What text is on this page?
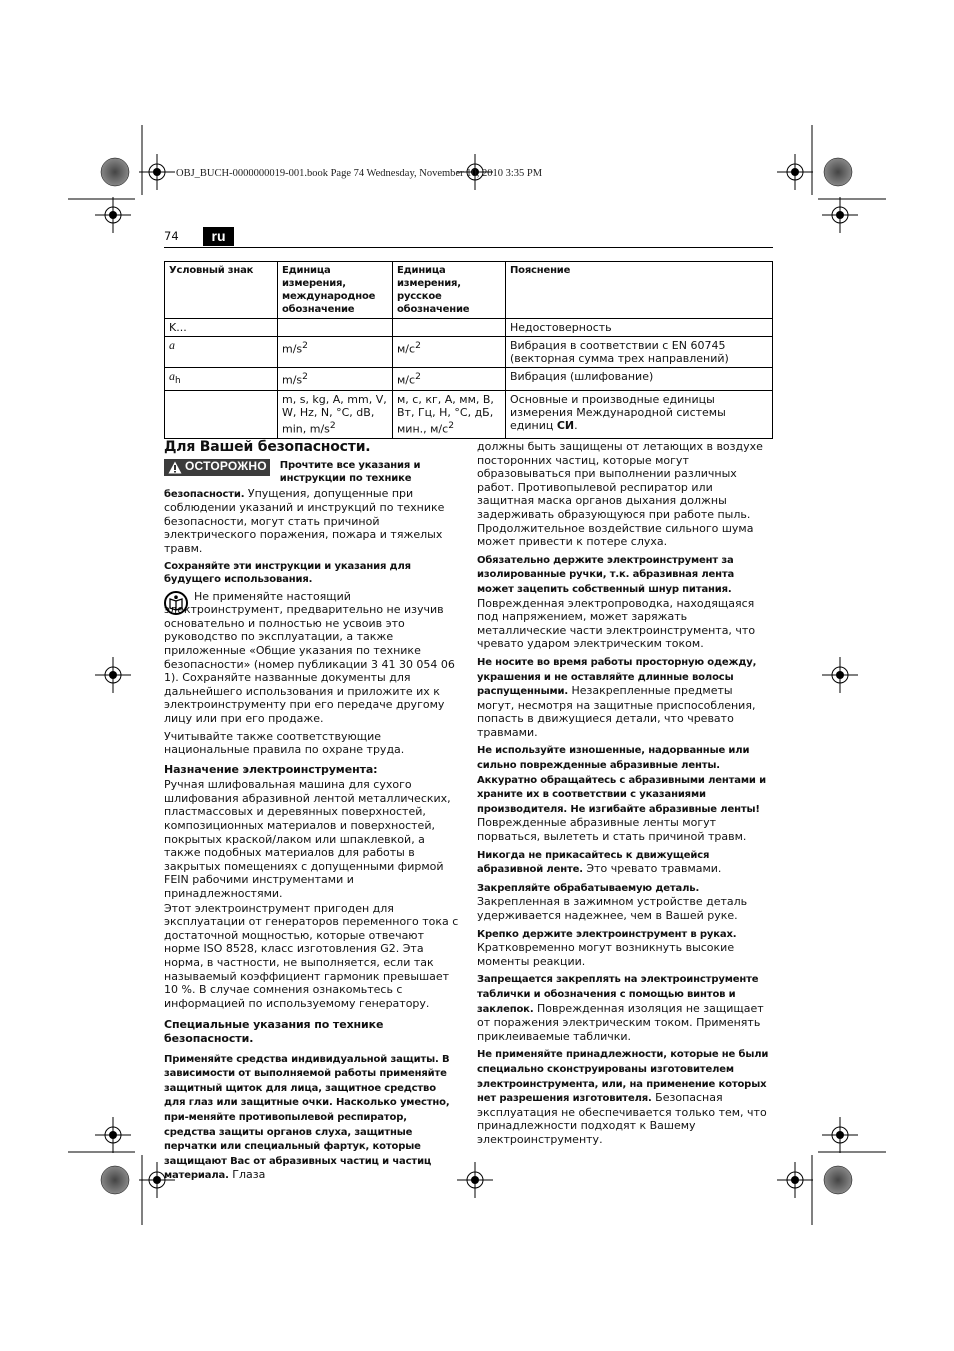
OBJ_BUCH-0000000019-001.book Page 74 Wednesday, November 10, 2010 3:35 PM
74	ru
Условный знак	Единица измерения, международное обозначение	Единица измерения, русское обозначение	Пояснение
K...			Недостоверность
a	$m/s^2$	$м/с^2$	Вибрация в соответствии с EN 60745 (векторная сумма трех направлений)
$a_h$	$m/s^2$	$м/с^2$	Вибрация (шлифование)
	m, s, kg, A, mm, V, W, Hz, N, °C, dB, min, $m/s^2$	м, с, кг, А, мм, В, Вт, Гц, Н, °C, дБ, мин., $м/с^2$	Основные и производные единицы измерения Международной системы единиц СИ.
Для Вашей безопасности.
ОСТОРОЖНО Прочтите все указания и инструкции по технике

безопасности. Упущения, допущенные при соблюдении указаний и инструкций по технике безопасности, могут стать причиной электрического поражения, пожара и тяжелых травм.

Сохраняйте эти инструкции и указания для будущего использования.

Не применяйте настоящий электроинструмент, предварительно не изучив основательно и полностью не усвоив это руководство по эксплуатации, а также приложенные «Общие указания по технике безопасности» (номер публикации 3 41 30 054 06 1). Сохраняйте названные документы для дальнейшего использования и приложите их к электроинструменту при его передаче другому лицу или при его продаже.

Учитывайте также соответствующие национальные правила по охране труда.

Назначение электроинструмента:

Ручная шлифовальная машина для сухого шлифования абразивной лентой металлических, пластмассовых и деревянных поверхностей, композиционных материалов и поверхностей, покрытых краской/лаком или шпаклевкой, а также подобных материалов для работы в закрытых помещениях с допущенными фирмой FEIN рабочими инструментами и принадлежностями.

Этот электроинструмент пригоден для эксплуатации от генераторов переменного тока с достаточной мощностью, которые отвечают норме ISO 8528, класс изготовления G2. Эта норма, в частности, не выполняется, если так называемый коэффициент гармоник превышает 10 %. В случае сомнения ознакомьтесь с информацией по используемому генератору.

Специальные указания по технике безопасности.

Применяйте средства индивидуальной защиты. В зависимости от выполняемой работы применяйте защитный щиток для лица, защитное средство для глаз или защитные очки. Насколько уместно, при-меняйте противопылевой респиратор, средства защиты органов слуха, защитные перчатки или специальный фартук, которые защищают Вас от абразивных частиц и частиц материала. Глаза

должны быть защищены от летающих в воздухе посторонних частиц, которые могут образовываться при выполнении различных работ. Противопылевой респиратор или защитная маска органов дыхания должны задерживать образующуюся при работе пыль. Продолжительное воздействие сильного шума может привести к потере слуха.

Обязательно держите электроинструмент за изолированные ручки, т.к. абразивная лента может зацепить собственный шнур питания. Поврежденная электропроводка, находящаяся под напряжением, может заряжать металлические части электроинструмента, что чревато ударом электрическим током.

Не носите во время работы просторную одежду, украшения и не оставляйте длинные волосы распущенными. Незакрепленные предметы могут, несмотря на защитные приспособления, попасть в движущиеся детали, что чревато травмами.

Не используйте изношенные, надорванные или сильно поврежденные абразивные ленты. Аккуратно обращайтесь с абразивными лентами и храните их в соответствии с указаниями производителя. Не изгибайте абразивные ленты! Поврежденные абразивные ленты могут порваться, вылететь и стать причиной травм.

Никогда не прикасайтесь к движущейся абразивной ленте. Это чревато травмами.

Закрепляйте обрабатываемую деталь. Закрепленная в зажимном устройстве деталь удерживается надежнее, чем в Вашей руке.

Крепко держите электроинструмент в руках. Кратковременно могут возникнуть высокие моменты реакции.

Запрещается закреплять на электроинструменте таблички и обозначения с помощью винтов и заклепок. Поврежденная изоляция не защищает от поражения электрическим током. Применять приклеиваемые таблички.

Не применяйте принадлежности, которые не были специально сконструированы изготовителем электроинструмента, или, на применение которых нет разрешения изготовителя. Безопасная эксплуатация не обеспечивается только тем, что принадлежности подходят к Вашему электроинструменту.
